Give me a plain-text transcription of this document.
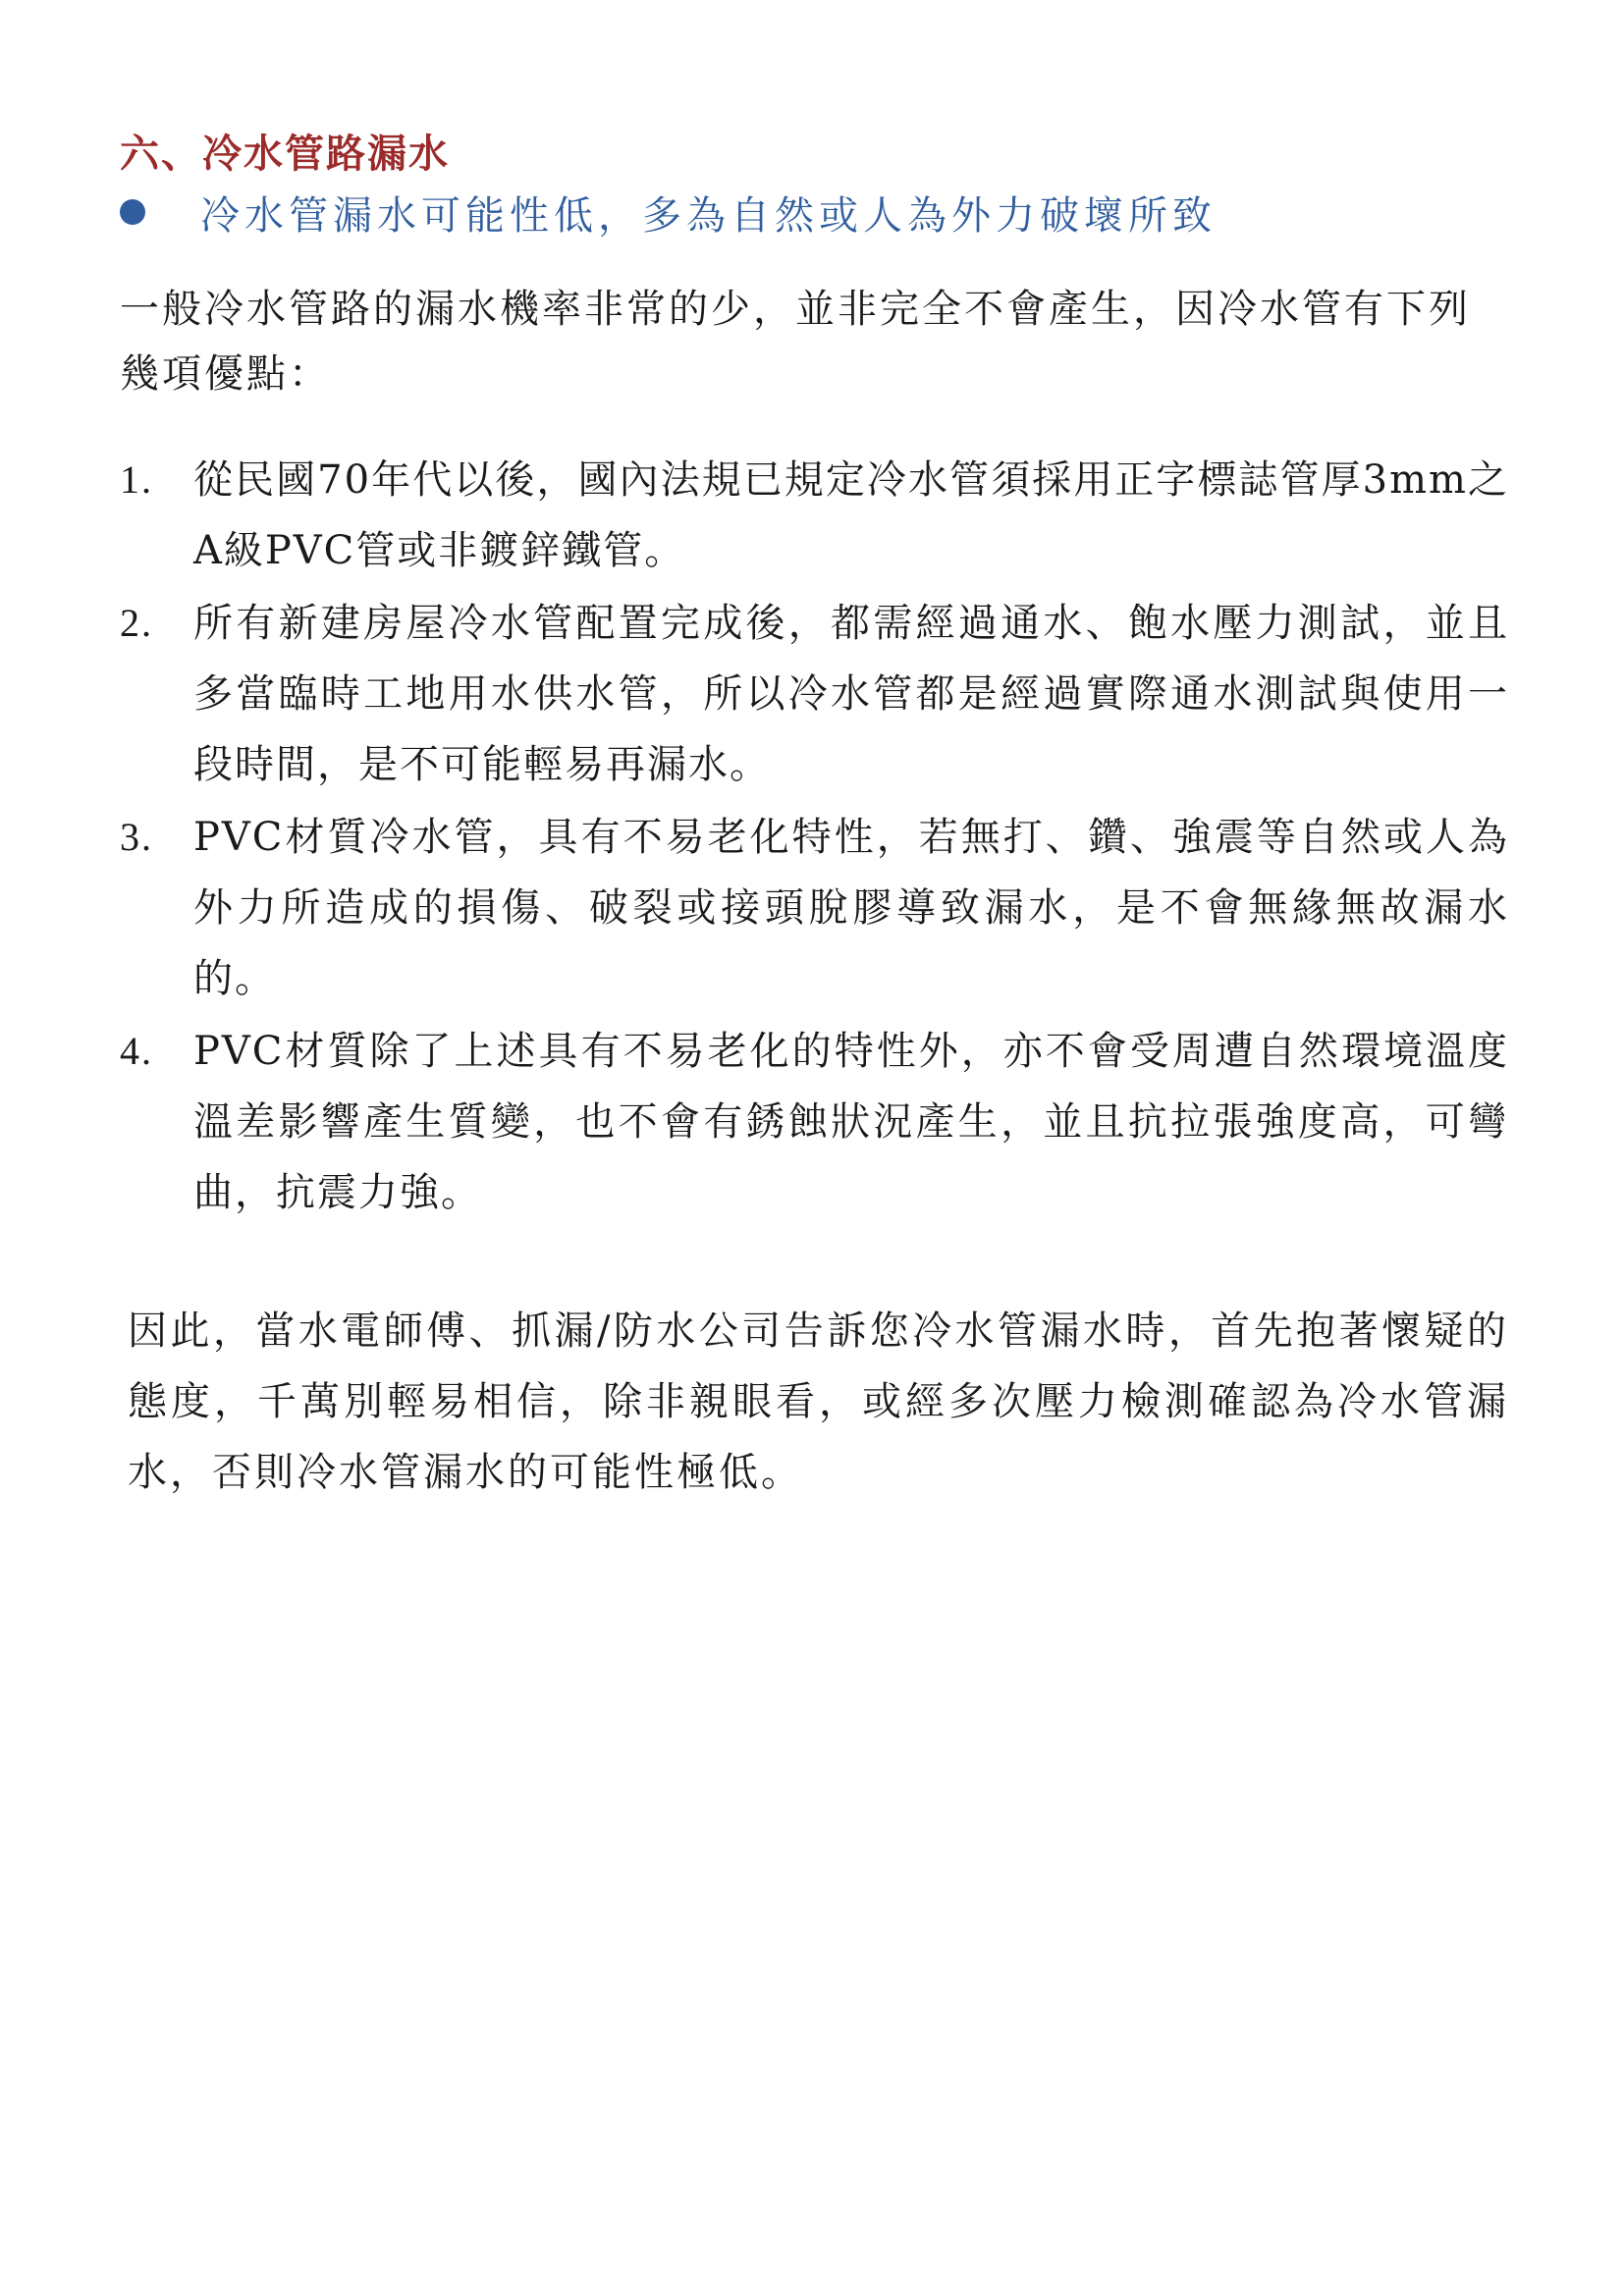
六、冷水管路漏水
冷水管漏水可能性低，多為自然或人為外力破壞所致

一般冷水管路的漏水機率非常的少，並非完全不會產生，因冷水管有下列幾項優點：

1. 從民國70年代以後，國內法規已規定冷水管須採用正字標誌管厚3mm之A級PVC管或非鍍鋅鐵管。
2. 所有新建房屋冷水管配置完成後，都需經過通水、飽水壓力測試，並且多當臨時工地用水供水管，所以冷水管都是經過實際通水測試與使用一段時間，是不可能輕易再漏水。
3. PVC材質冷水管，具有不易老化特性，若無打、鑽、強震等自然或人為外力所造成的損傷、破裂或接頭脫膠導致漏水，是不會無緣無故漏水的。
4. PVC材質除了上述具有不易老化的特性外，亦不會受周遭自然環境溫度溫差影響產生質變，也不會有銹蝕狀況產生，並且抗拉張強度高，可彎曲，抗震力強。

因此，當水電師傅、抓漏/防水公司告訴您冷水管漏水時，首先抱著懷疑的態度，千萬別輕易相信，除非親眼看，或經多次壓力檢測確認為冷水管漏水，否則冷水管漏水的可能性極低。
